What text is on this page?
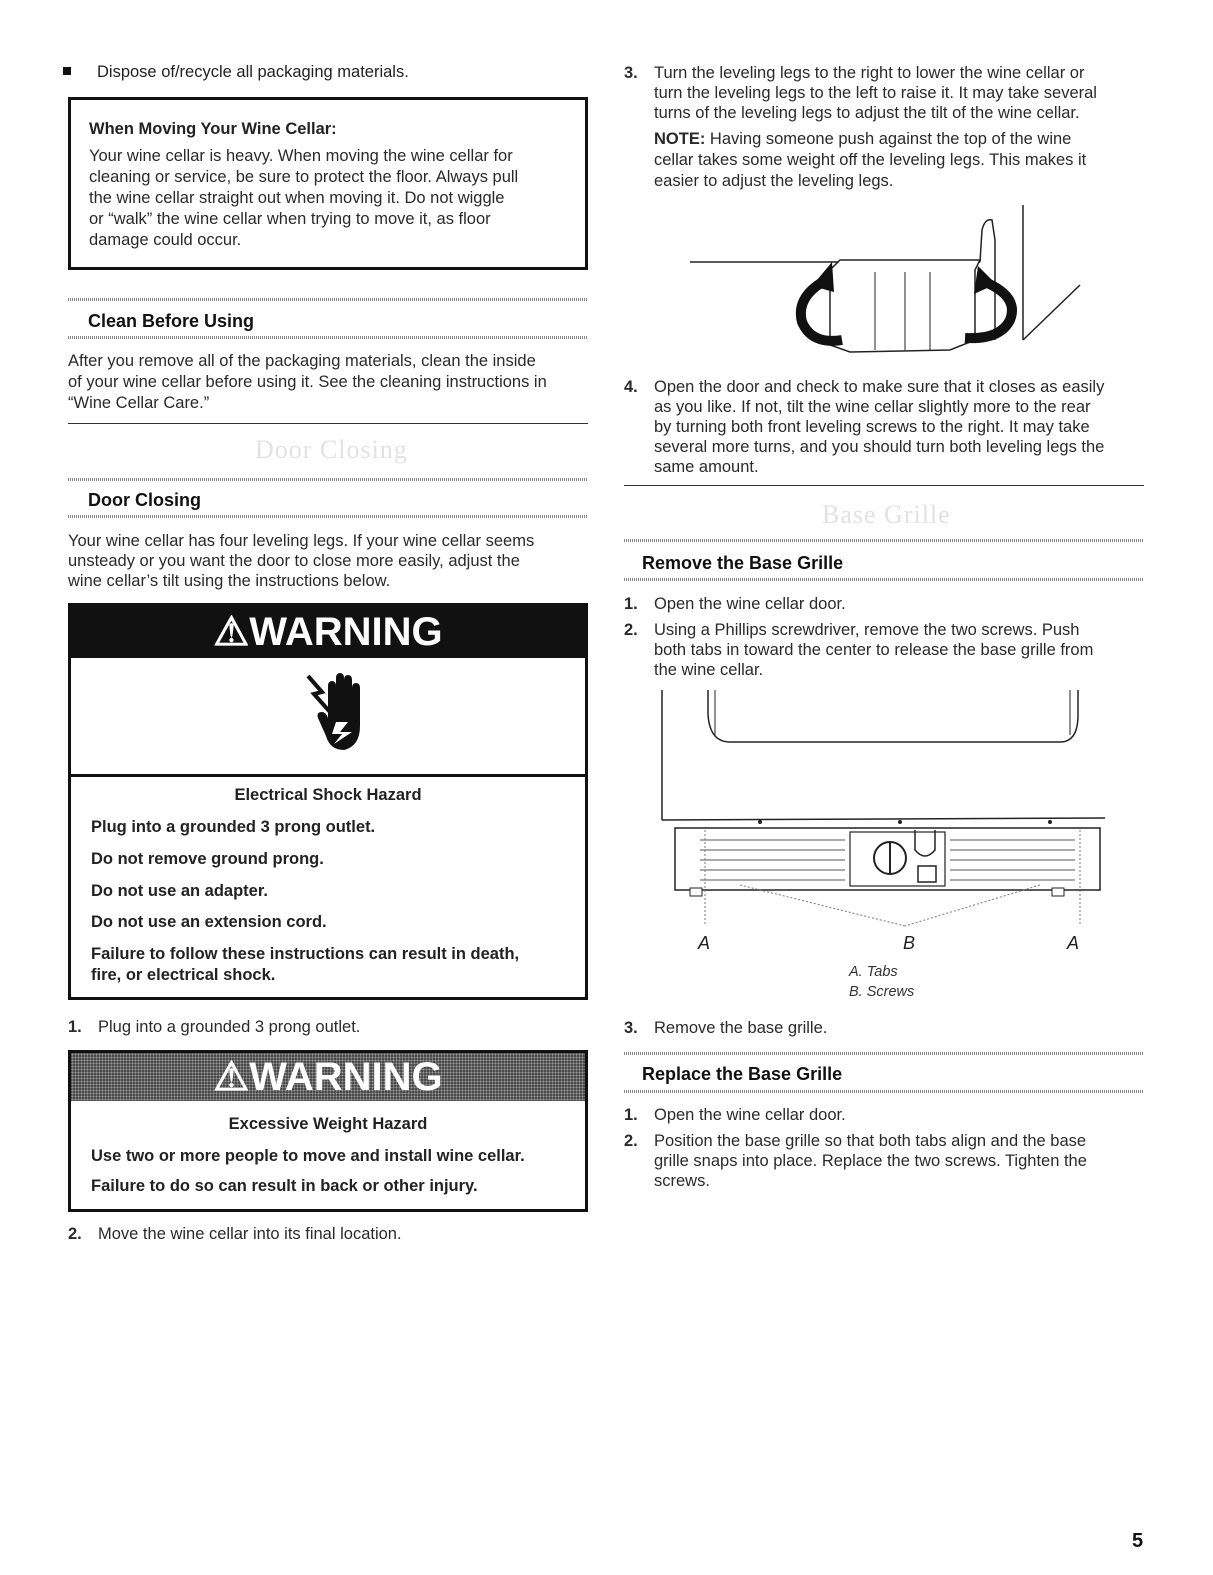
Dispose of/recycle all packaging materials.
When Moving Your Wine Cellar:
Your wine cellar is heavy. When moving the wine cellar for
cleaning or service, be sure to protect the floor. Always pull
the wine cellar straight out when moving it. Do not wiggle
or “walk” the wine cellar when trying to move it, as floor
damage could occur.
Clean Before Using
After you remove all of the packaging materials, clean the inside
of your wine cellar before using it. See the cleaning instructions in
“Wine Cellar Care.”
Door Closing
Door Closing
Your wine cellar has four leveling legs. If your wine cellar seems
unsteady or you want the door to close more easily, adjust the
wine cellar’s tilt using the instructions below.
⚠WARNING
Electrical Shock Hazard
Plug into a grounded 3 prong outlet.
Do not remove ground prong.
Do not use an adapter.
Do not use an extension cord.
Failure to follow these instructions can result in death,
fire, or electrical shock.
1. Plug into a grounded 3 prong outlet.
⚠WARNING
Excessive Weight Hazard
Use two or more people to move and install wine cellar.
Failure to do so can result in back or other injury.
2. Move the wine cellar into its final location.
3. Turn the leveling legs to the right to lower the wine cellar or
turn the leveling legs to the left to raise it. It may take several
turns of the leveling legs to adjust the tilt of the wine cellar.
NOTE: Having someone push against the top of the wine
cellar takes some weight off the leveling legs. This makes it
easier to adjust the leveling legs.
4. Open the door and check to make sure that it closes as easily
as you like. If not, tilt the wine cellar slightly more to the rear
by turning both front leveling screws to the right. It may take
several more turns, and you should turn both leveling legs the
same amount.
Base Grille
Remove the Base Grille
1. Open the wine cellar door.
2. Using a Phillips screwdriver, remove the two screws. Push
both tabs in toward the center to release the base grille from
the wine cellar.
A	B	A
A. Tabs
B. Screws
3. Remove the base grille.
Replace the Base Grille
1. Open the wine cellar door.
2. Position the base grille so that both tabs align and the base
grille snaps into place. Replace the two screws. Tighten the
screws.
5
